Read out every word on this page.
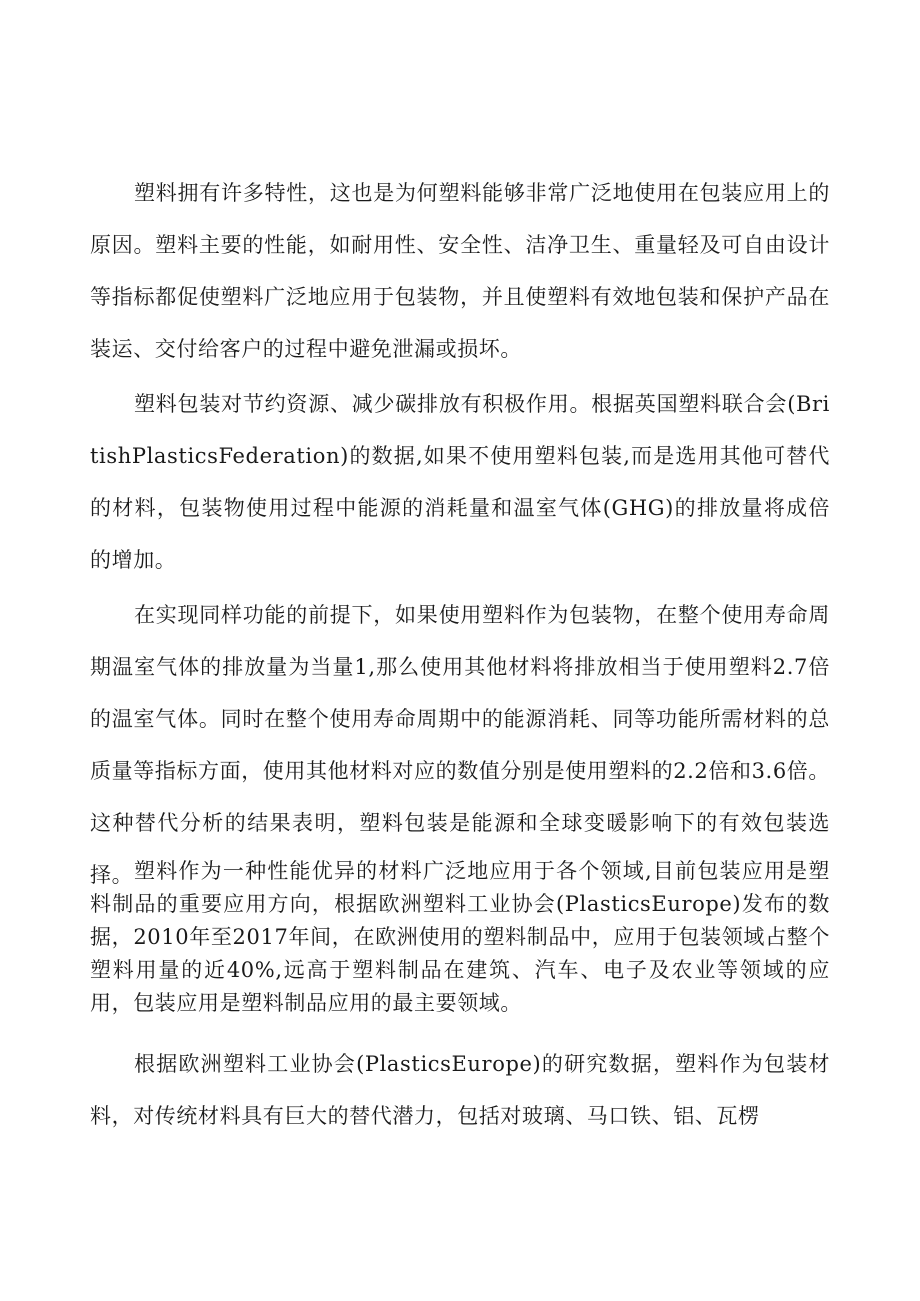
塑料拥有许多特性，这也是为何塑料能够非常广泛地使用在包装应用上的原因。塑料主要的性能，如耐用性、安全性、洁净卫生、重量轻及可自由设计等指标都促使塑料广泛地应用于包装物，并且使塑料有效地包装和保护产品在装运、交付给客户的过程中避免泄漏或损坏。

塑料包装对节约资源、减少碳排放有积极作用。根据英国塑料联合会(BritishPlasticsFederation)的数据,如果不使用塑料包装,而是选用其他可替代的材料，包装物使用过程中能源的消耗量和温室气体(GHG)的排放量将成倍的增加。

在实现同样功能的前提下，如果使用塑料作为包装物，在整个使用寿命周期温室气体的排放量为当量1,那么使用其他材料将排放相当于使用塑料2.7倍的温室气体。同时在整个使用寿命周期中的能源消耗、同等功能所需材料的总质量等指标方面，使用其他材料对应的数值分别是使用塑料的2.2倍和3.6倍。这种替代分析的结果表明，塑料包装是能源和全球变暖影响下的有效包装选择。 塑料作为一种性能优异的材料广泛地应用于各个领域,目前包装应用是塑料制品的重要应用方向，根据欧洲塑料工业协会(PlasticsEurope)发布的数据，2010年至2017年间，在欧洲使用的塑料制品中，应用于包装领域占整个塑料用量的近40%,远高于塑料制品在建筑、汽车、电子及农业等领域的应用，包装应用是塑料制品应用的最主要领域。

根据欧洲塑料工业协会(PlasticsEurope)的研究数据，塑料作为包装材料，对传统材料具有巨大的替代潜力，包括对玻璃、马口铁、铝、瓦楞
